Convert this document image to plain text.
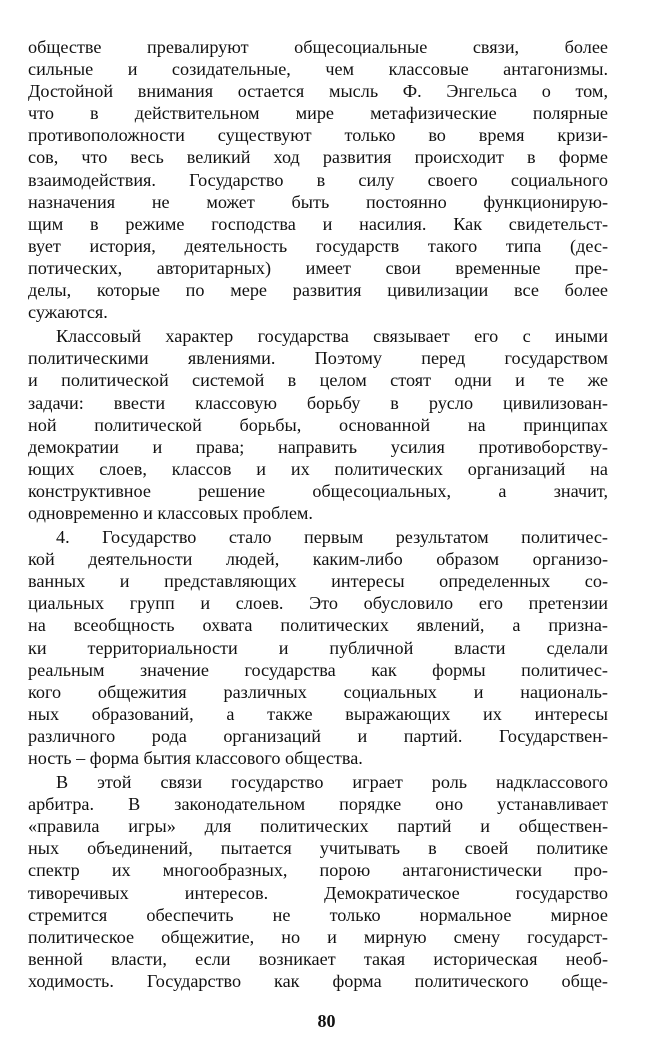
обществе превалируют общесоциальные связи, более
сильные и созидательные, чем классовые антагонизмы.
Достойной внимания остается мысль Ф. Энгельса о том,
что в действительном мире метафизические полярные
противоположности существуют только во время кризи-
сов, что весь великий ход развития происходит в форме
взаимодействия. Государство в силу своего социального
назначения не может быть постоянно функционирую-
щим в режиме господства и насилия. Как свидетельст-
вует история, деятельность государств такого типа (дес-
потических, авторитарных) имеет свои временные пре-
делы, которые по мере развития цивилизации все более
сужаются.
Классовый характер государства связывает его с иными
политическими явлениями. Поэтому перед государством
и политической системой в целом стоят одни и те же
задачи: ввести классовую борьбу в русло цивилизован-
ной политической борьбы, основанной на принципах
демократии и права; направить усилия противоборству-
ющих слоев, классов и их политических организаций на
конструктивное решение общесоциальных, а значит,
одновременно и классовых проблем.
4. Государство стало первым результатом политичес-
кой деятельности людей, каким-либо образом организо-
ванных и представляющих интересы определенных со-
циальных групп и слоев. Это обусловило его претензии
на всеобщность охвата политических явлений, а призна-
ки территориальности и публичной власти сделали
реальным значение государства как формы политичес-
кого общежития различных социальных и националь-
ных образований, а также выражающих их интересы
различного рода организаций и партий. Государствен-
ность – форма бытия классового общества.
В этой связи государство играет роль надклассового
арбитра. В законодательном порядке оно устанавливает
«правила игры» для политических партий и обществен-
ных объединений, пытается учитывать в своей политике
спектр их многообразных, порою антагонистически про-
тиворечивых интересов. Демократическое государство
стремится обеспечить не только нормальное мирное
политическое общежитие, но и мирную смену государст-
венной власти, если возникает такая историческая необ-
ходимость. Государство как форма политического обще-
80
